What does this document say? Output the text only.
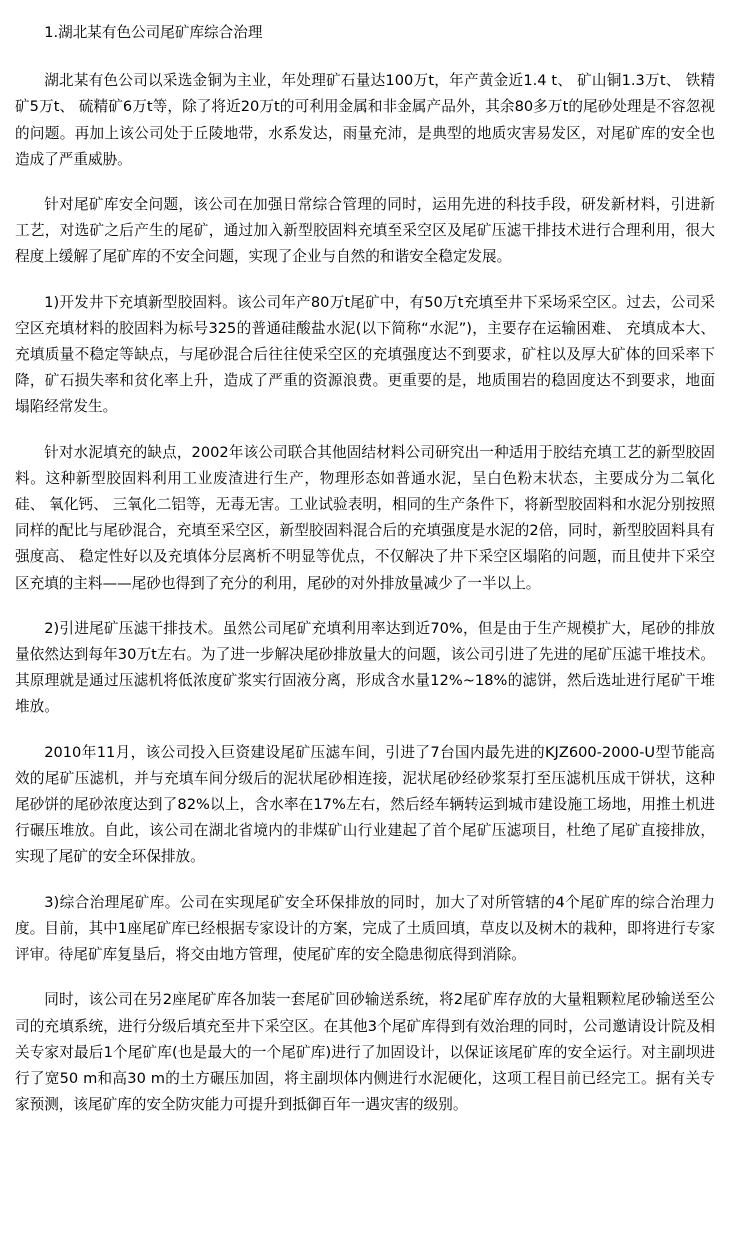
1.湖北某有色公司尾矿库综合治理

湖北某有色公司以采选金铜为主业，年处理矿石量达100万t，年产黄金近1.4 t、 矿山铜1.3万t、 铁精矿5万t、 硫精矿6万t等，除了将近20万t的可利用金属和非金属产品外，其余80多万t的尾砂处理是不容忽视的问题。再加上该公司处于丘陵地带，水系发达，雨量充沛，是典型的地质灾害易发区，对尾矿库的安全也造成了严重威胁。

针对尾矿库安全问题，该公司在加强日常综合管理的同时，运用先进的科技手段，研发新材料，引进新工艺，对选矿之后产生的尾矿，通过加入新型胶固料充填至采空区及尾矿压滤干排技术进行合理利用，很大程度上缓解了尾矿库的不安全问题，实现了企业与自然的和谐安全稳定发展。

1)开发井下充填新型胶固料。该公司年产80万t尾矿中，有50万t充填至井下采场采空区。过去，公司采空区充填材料的胶固料为标号325的普通硅酸盐水泥(以下简称“水泥”)，主要存在运输困难、 充填成本大、 充填质量不稳定等缺点，与尾砂混合后往往使采空区的充填强度达不到要求，矿柱以及厚大矿体的回采率下降，矿石损失率和贫化率上升，造成了严重的资源浪费。更重要的是，地质围岩的稳固度达不到要求，地面塌陷经常发生。

针对水泥填充的缺点，2002年该公司联合其他固结材料公司研究出一种适用于胶结充填工艺的新型胶固料。这种新型胶固料利用工业废渣进行生产，物理形态如普通水泥，呈白色粉末状态，主要成分为二氧化硅、 氧化钙、 三氧化二铝等，无毒无害。工业试验表明，相同的生产条件下，将新型胶固料和水泥分别按照同样的配比与尾砂混合，充填至采空区，新型胶固料混合后的充填强度是水泥的2倍，同时，新型胶固料具有强度高、 稳定性好以及充填体分层离析不明显等优点，不仅解决了井下采空区塌陷的问题，而且使井下采空区充填的主料——尾砂也得到了充分的利用，尾砂的对外排放量减少了一半以上。

2)引进尾矿压滤干排技术。虽然公司尾矿充填利用率达到近70%，但是由于生产规模扩大，尾砂的排放量依然达到每年30万t左右。为了进一步解决尾砂排放量大的问题，该公司引进了先进的尾矿压滤干堆技术。其原理就是通过压滤机将低浓度矿浆实行固液分离，形成含水量12%~18%的滤饼，然后选址进行尾矿干堆堆放。

2010年11月，该公司投入巨资建设尾矿压滤车间，引进了7台国内最先进的KJZ600-2000-U型节能高效的尾矿压滤机，并与充填车间分级后的泥状尾砂相连接，泥状尾砂经砂浆泵打至压滤机压成干饼状，这种尾砂饼的尾砂浓度达到了82%以上，含水率在17%左右，然后经车辆转运到城市建设施工场地，用推土机进行碾压堆放。自此，该公司在湖北省境内的非煤矿山行业建起了首个尾矿压滤项目，杜绝了尾矿直接排放，实现了尾矿的安全环保排放。

3)综合治理尾矿库。公司在实现尾矿安全环保排放的同时，加大了对所管辖的4个尾矿库的综合治理力度。目前，其中1座尾矿库已经根据专家设计的方案，完成了土质回填，草皮以及树木的栽种，即将进行专家评审。待尾矿库复垦后，将交由地方管理，使尾矿库的安全隐患彻底得到消除。

同时，该公司在另2座尾矿库各加装一套尾矿回砂输送系统，将2尾矿库存放的大量粗颗粒尾砂输送至公司的充填系统，进行分级后填充至井下采空区。在其他3个尾矿库得到有效治理的同时，公司邀请设计院及相关专家对最后1个尾矿库(也是最大的一个尾矿库)进行了加固设计，以保证该尾矿库的安全运行。对主副坝进行了宽50 m和高30 m的土方碾压加固，将主副坝体内侧进行水泥硬化，这项工程目前已经完工。据有关专家预测，该尾矿库的安全防灾能力可提升到抵御百年一遇灾害的级别。
